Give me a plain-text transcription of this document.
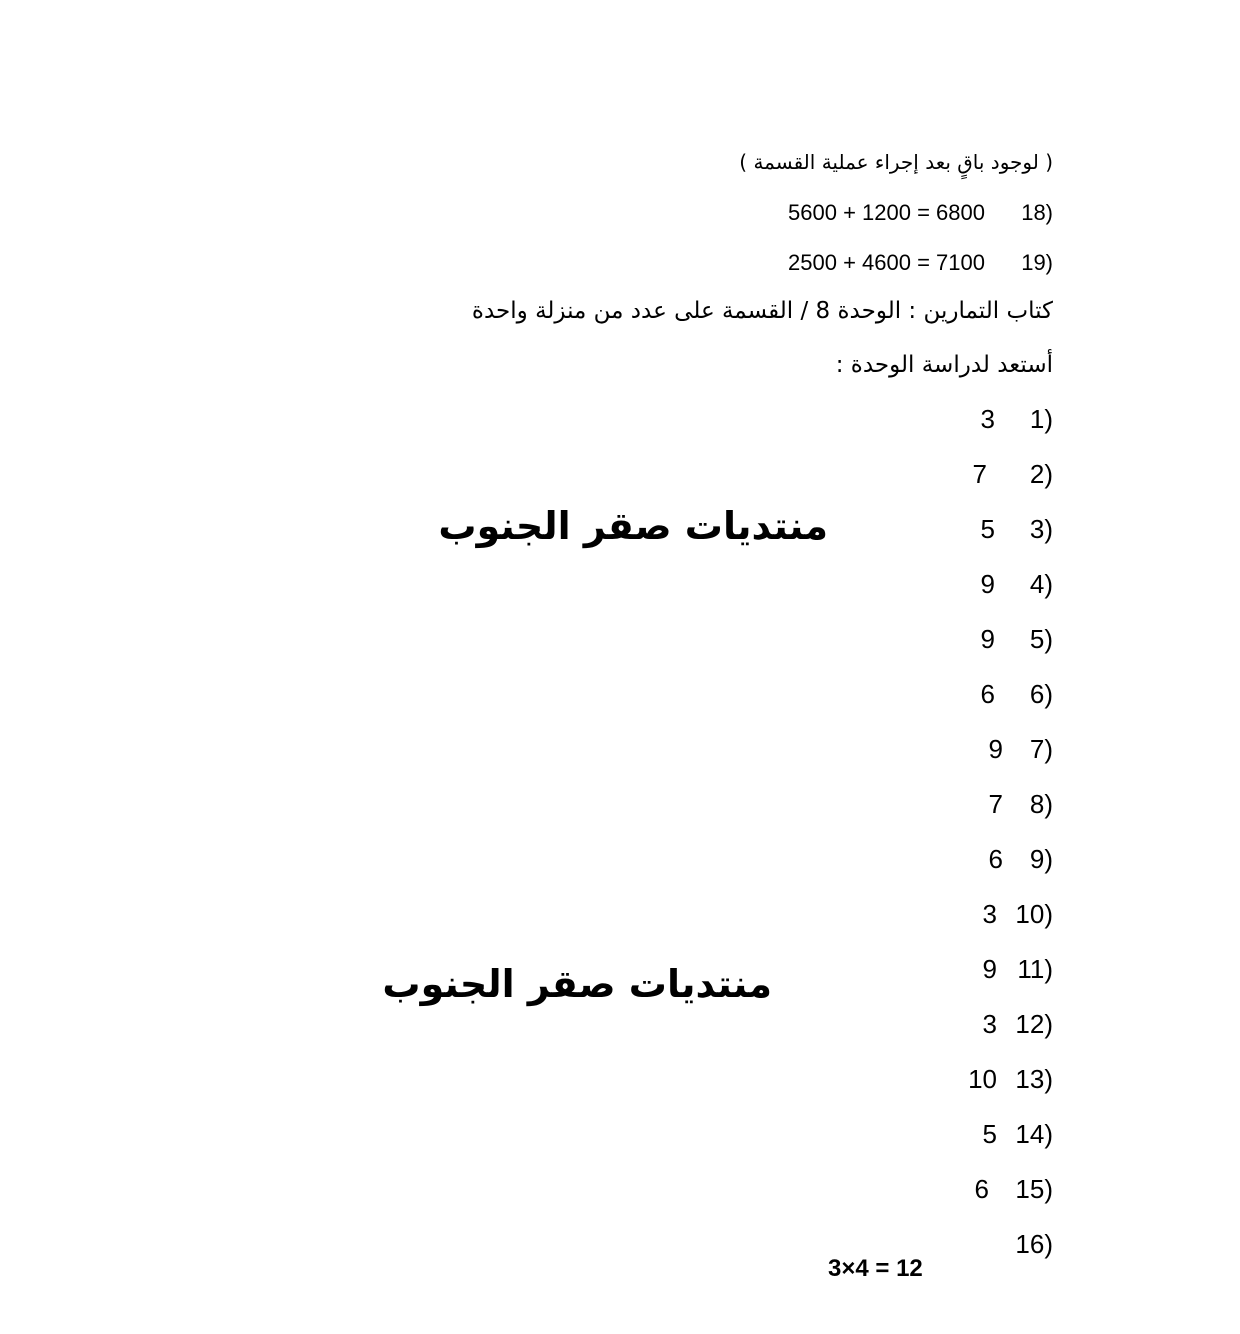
( لوجود باقٍ بعد إجراء عملية القسمة )
18)
5600 + 1200 = 6800
19)
2500 + 4600 = 7100
كتاب التمارين : الوحدة 8 / القسمة على عدد من منزلة واحدة
أستعد لدراسة الوحدة :
1)
3
2)
7
3)
5
4)
9
5)
9
6)
6
7)
9
8)
7
9)
6
10)
3
11)
9
12)
3
13)
10
14)
5
15)
6
16)
منتديات صقر الجنوب
منتديات صقر الجنوب
3×4 = 12
